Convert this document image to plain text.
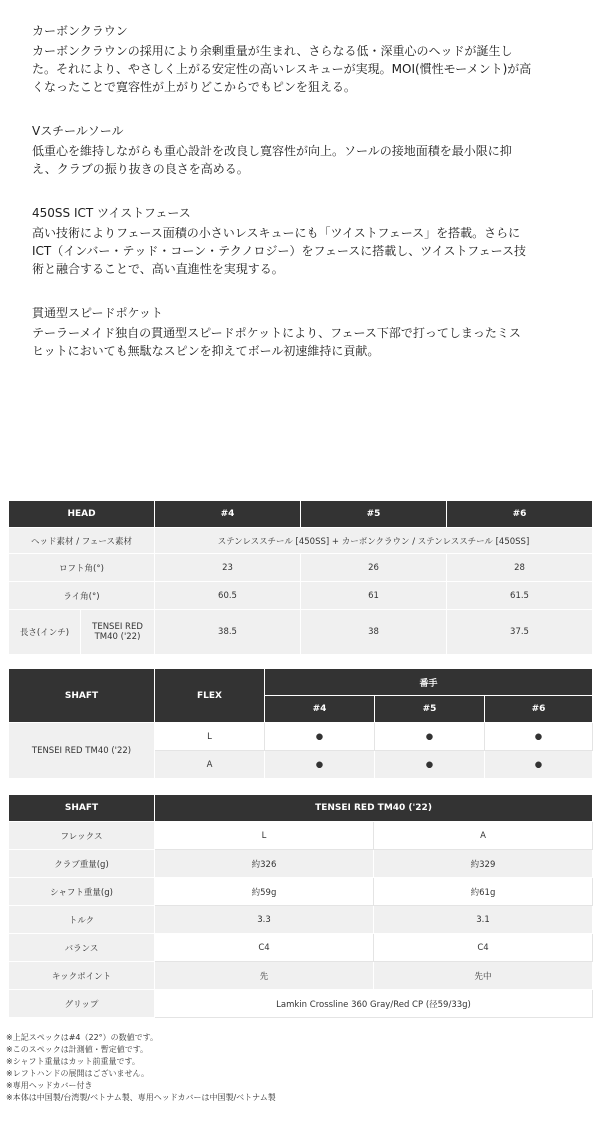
カーボンクラウン

カーボンクラウンの採用により余剰重量が生まれ、さらなる低・深重心のヘッドが誕生し
た。それにより、やさしく上がる安定性の高いレスキューが実現。MOI(慣性モーメント)が高
くなったことで寛容性が上がりどこからでもピンを狙える。

Vスチールソール

低重心を維持しながらも重心設計を改良し寛容性が向上。ソールの接地面積を最小限に抑
え、クラブの振り抜きの良さを高める。

450SS ICT ツイストフェース

高い技術によりフェース面積の小さいレスキューにも「ツイストフェース」を搭載。さらに
ICT（インバー・テッド・コーン・テクノロジー）をフェースに搭載し、ツイストフェース技
術と融合することで、高い直進性を実現する。

貫通型スピードポケット

テーラーメイド独自の貫通型スピードポケットにより、フェース下部で打ってしまったミス
ヒットにおいても無駄なスピンを抑えてボール初速維持に貢献。

HEAD		#4	#5	#6
ヘッド素材 / フェース素材		ステンレススチール [450SS] + カーボンクラウン / ステンレススチール [450SS]		
ロフト角(°)		23	26	28
ライ角(°)		60.5	61	61.5
長さ(インチ)	TENSEI RED TM40 ('22)	38.5	38	37.5
SHAFT	FLEX	番手		
		#4	#5	#6
TENSEI RED TM40 ('22)	L	●	●	●
	A	●	●	●
SHAFT	TENSEI RED TM40 ('22)	
フレックス	L	A
クラブ重量(g)	約326	約329
シャフト重量(g)	約59g	約61g
トルク	3.3	3.1
バランス	C4	C4
キックポイント	先	先中
グリップ	Lamkin Crossline 360 Gray/Red CP (径59/33g)	
※上記スペックは#4（22°）の数値です。
※このスペックは計測値・暫定値です。
※シャフト重量はカット前重量です。
※レフトハンドの展開はございません。
※専用ヘッドカバー付き
※本体は中国製/台湾製/ベトナム製、専用ヘッドカバーは中国製/ベトナム製
